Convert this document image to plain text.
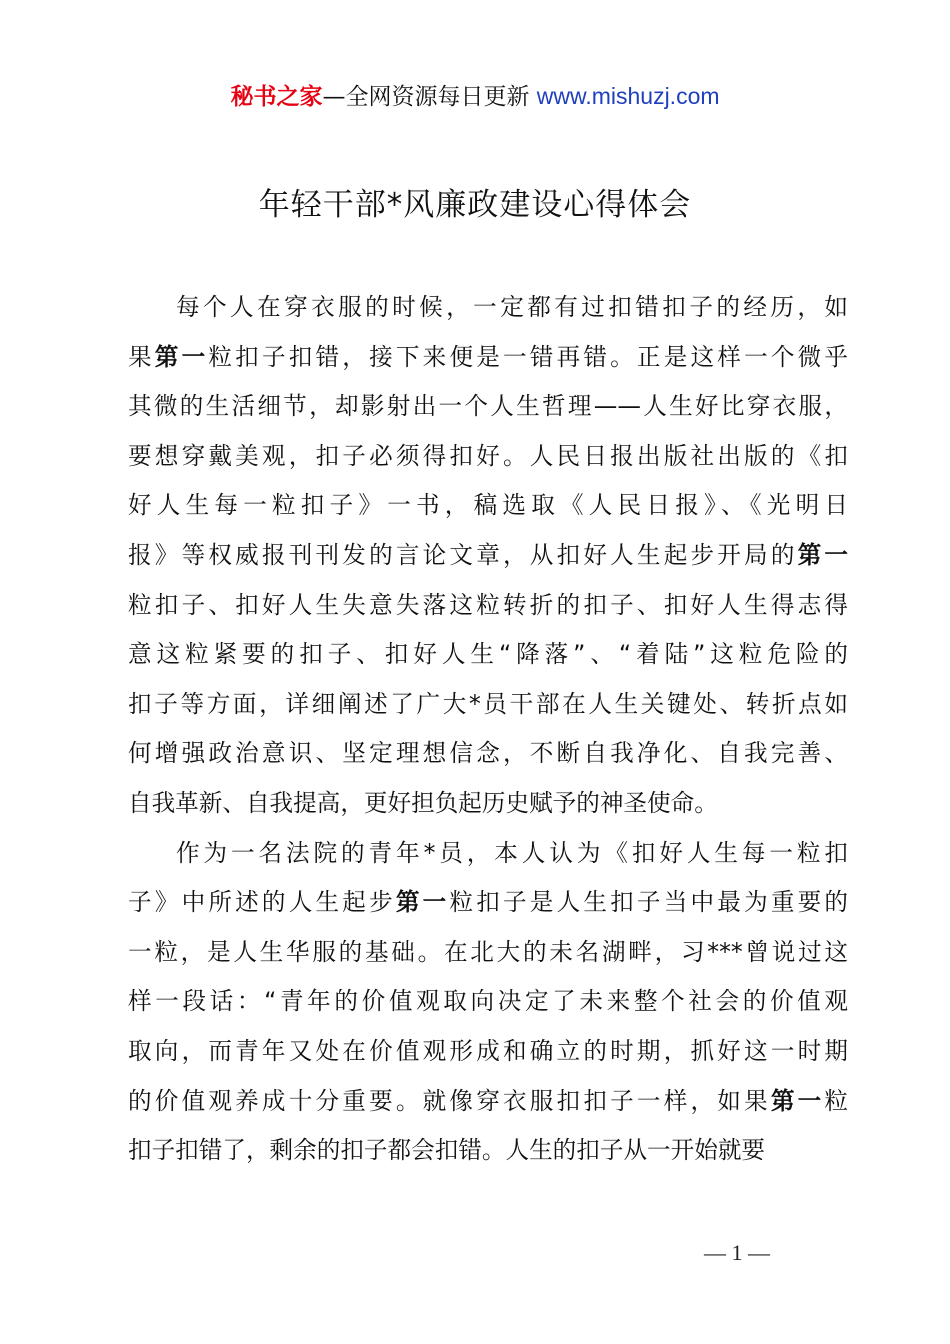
秘书之家—全网资源每日更新 www.mishuzj.com
年轻干部*风廉政建设心得体会
每个人在穿衣服的时候，一定都有过扣错扣子的经历，如
果第一粒扣子扣错，接下来便是一错再错。正是这样一个微乎
其微的生活细节，却影射出一个人生哲理——人生好比穿衣服，
要想穿戴美观，扣子必须得扣好。人民日报出版社出版的《扣
好人生每一粒扣子》一书，稿选取《人民日报》、《光明日
报》等权威报刊刊发的言论文章，从扣好人生起步开局的第一
粒扣子、扣好人生失意失落这粒转折的扣子、扣好人生得志得
意这粒紧要的扣子、扣好人生“降落”、“着陆”这粒危险的
扣子等方面，详细阐述了广大*员干部在人生关键处、转折点如
何增强政治意识、坚定理想信念，不断自我净化、自我完善、
自我革新、自我提高，更好担负起历史赋予的神圣使命。
作为一名法院的青年*员，本人认为《扣好人生每一粒扣
子》中所述的人生起步第一粒扣子是人生扣子当中最为重要的
一粒，是人生华服的基础。在北大的未名湖畔，习***曾说过这
样一段话：“青年的价值观取向决定了未来整个社会的价值观
取向，而青年又处在价值观形成和确立的时期，抓好这一时期
的价值观养成十分重要。就像穿衣服扣扣子一样，如果第一粒
扣子扣错了，剩余的扣子都会扣错。人生的扣子从一开始就要
— 1 —
